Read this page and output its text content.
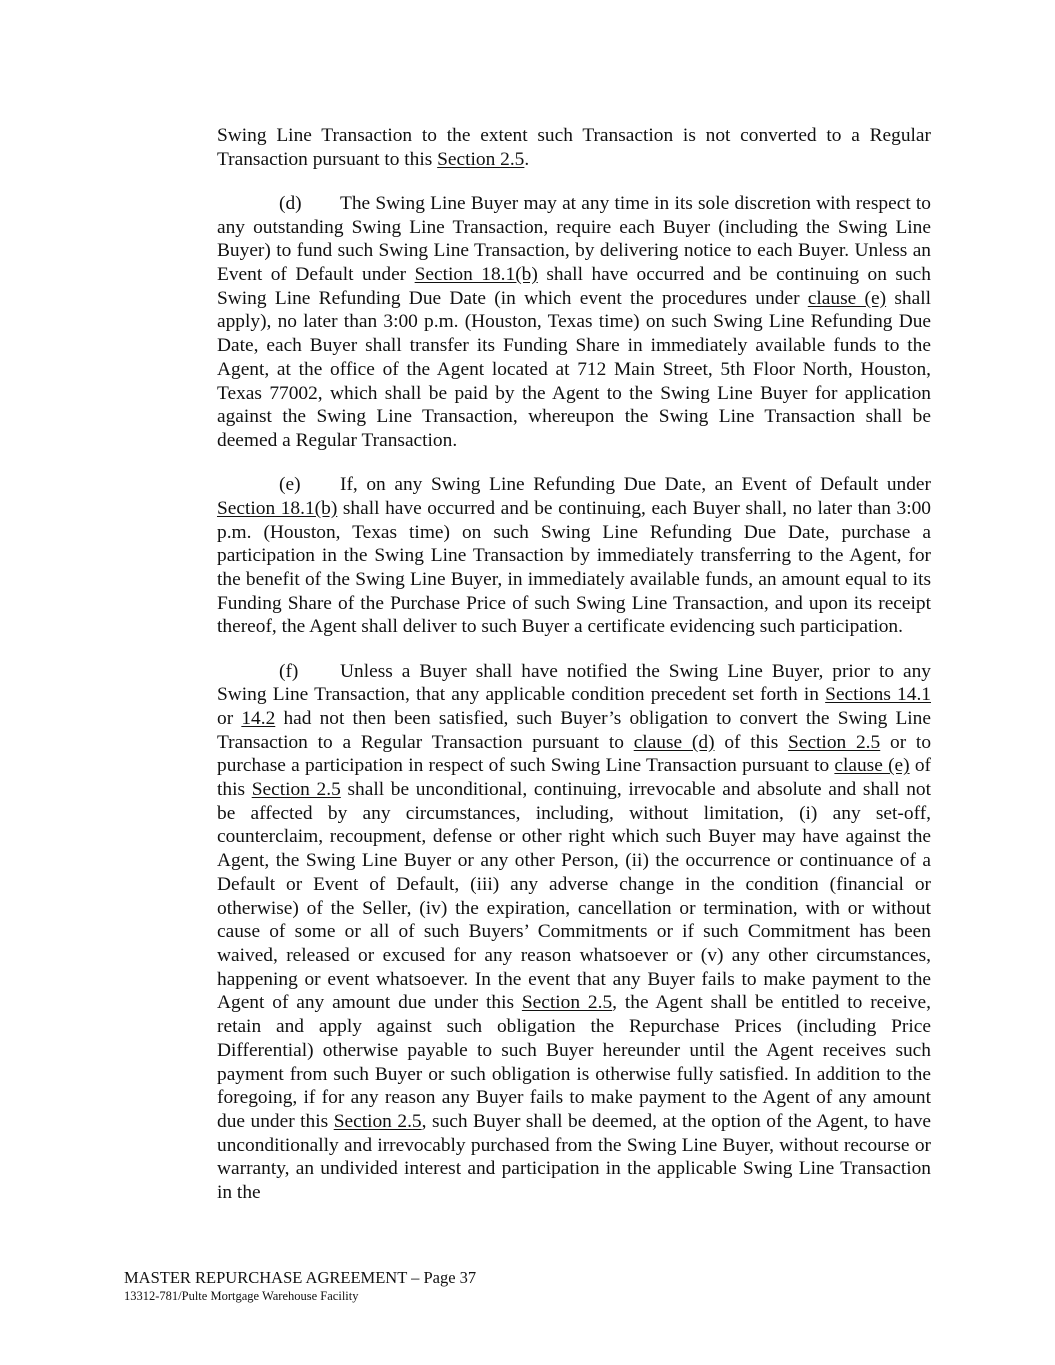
Swing Line Transaction to the extent such Transaction is not converted to a Regular Transaction pursuant to this Section 2.5.

(d) The Swing Line Buyer may at any time in its sole discretion with respect to any outstanding Swing Line Transaction, require each Buyer (including the Swing Line Buyer) to fund such Swing Line Transaction, by delivering notice to each Buyer. Unless an Event of Default under Section 18.1(b) shall have occurred and be continuing on such Swing Line Refunding Due Date (in which event the procedures under clause (e) shall apply), no later than 3:00 p.m. (Houston, Texas time) on such Swing Line Refunding Due Date, each Buyer shall transfer its Funding Share in immediately available funds to the Agent, at the office of the Agent located at 712 Main Street, 5th Floor North, Houston, Texas 77002, which shall be paid by the Agent to the Swing Line Buyer for application against the Swing Line Transaction, whereupon the Swing Line Transaction shall be deemed a Regular Transaction.

(e) If, on any Swing Line Refunding Due Date, an Event of Default under Section 18.1(b) shall have occurred and be continuing, each Buyer shall, no later than 3:00 p.m. (Houston, Texas time) on such Swing Line Refunding Due Date, purchase a participation in the Swing Line Transaction by immediately transferring to the Agent, for the benefit of the Swing Line Buyer, in immediately available funds, an amount equal to its Funding Share of the Purchase Price of such Swing Line Transaction, and upon its receipt thereof, the Agent shall deliver to such Buyer a certificate evidencing such participation.

(f) Unless a Buyer shall have notified the Swing Line Buyer, prior to any Swing Line Transaction, that any applicable condition precedent set forth in Sections 14.1 or 14.2 had not then been satisfied, such Buyer’s obligation to convert the Swing Line Transaction to a Regular Transaction pursuant to clause (d) of this Section 2.5 or to purchase a participation in respect of such Swing Line Transaction pursuant to clause (e) of this Section 2.5 shall be unconditional, continuing, irrevocable and absolute and shall not be affected by any circumstances, including, without limitation, (i) any set-off, counterclaim, recoupment, defense or other right which such Buyer may have against the Agent, the Swing Line Buyer or any other Person, (ii) the occurrence or continuance of a Default or Event of Default, (iii) any adverse change in the condition (financial or otherwise) of the Seller, (iv) the expiration, cancellation or termination, with or without cause of some or all of such Buyers’ Commitments or if such Commitment has been waived, released or excused for any reason whatsoever or (v) any other circumstances, happening or event whatsoever. In the event that any Buyer fails to make payment to the Agent of any amount due under this Section 2.5, the Agent shall be entitled to receive, retain and apply against such obligation the Repurchase Prices (including Price Differential) otherwise payable to such Buyer hereunder until the Agent receives such payment from such Buyer or such obligation is otherwise fully satisfied. In addition to the foregoing, if for any reason any Buyer fails to make payment to the Agent of any amount due under this Section 2.5, such Buyer shall be deemed, at the option of the Agent, to have unconditionally and irrevocably purchased from the Swing Line Buyer, without recourse or warranty, an undivided interest and participation in the applicable Swing Line Transaction in the

MASTER REPURCHASE AGREEMENT – Page 37
13312-781/Pulte Mortgage Warehouse Facility
